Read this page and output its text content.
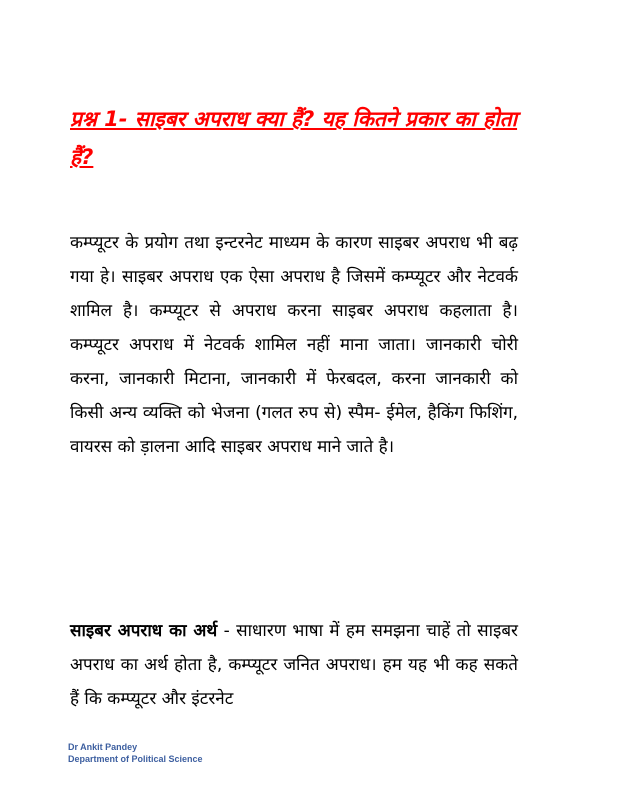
प्रश्न 1- साइबर अपराध क्या हैं? यह कितने प्रकार का होता हैं?

कम्प्यूटर के प्रयोग तथा इन्टरनेट माध्यम के कारण साइबर अपराध भी बढ़ गया हे। साइबर अपराध एक ऐसा अपराध है जिसमें कम्प्यूटर और नेटवर्क शामिल है। कम्प्यूटर से अपराध करना साइबर अपराध कहलाता है। कम्प्यूटर अपराध में नेटवर्क शामिल नहीं माना जाता। जानकारी चोरी करना, जानकारी मिटाना, जानकारी में फेरबदल, करना जानकारी को किसी अन्य व्यक्ति को भेजना (गलत रुप से) स्पैम- ईमेल, हैकिंग फिशिंग, वायरस को ड़ालना आदि साइबर अपराध माने जाते है।

साइबर अपराध का अर्थ - साधारण भाषा में हम समझना चाहें तो साइबर अपराध का अर्थ होता है, कम्प्यूटर जनित अपराध। हम यह भी कह सकते हैं कि कम्प्यूटर और इंटरनेट

Dr Ankit Pandey
Department of Political Science
